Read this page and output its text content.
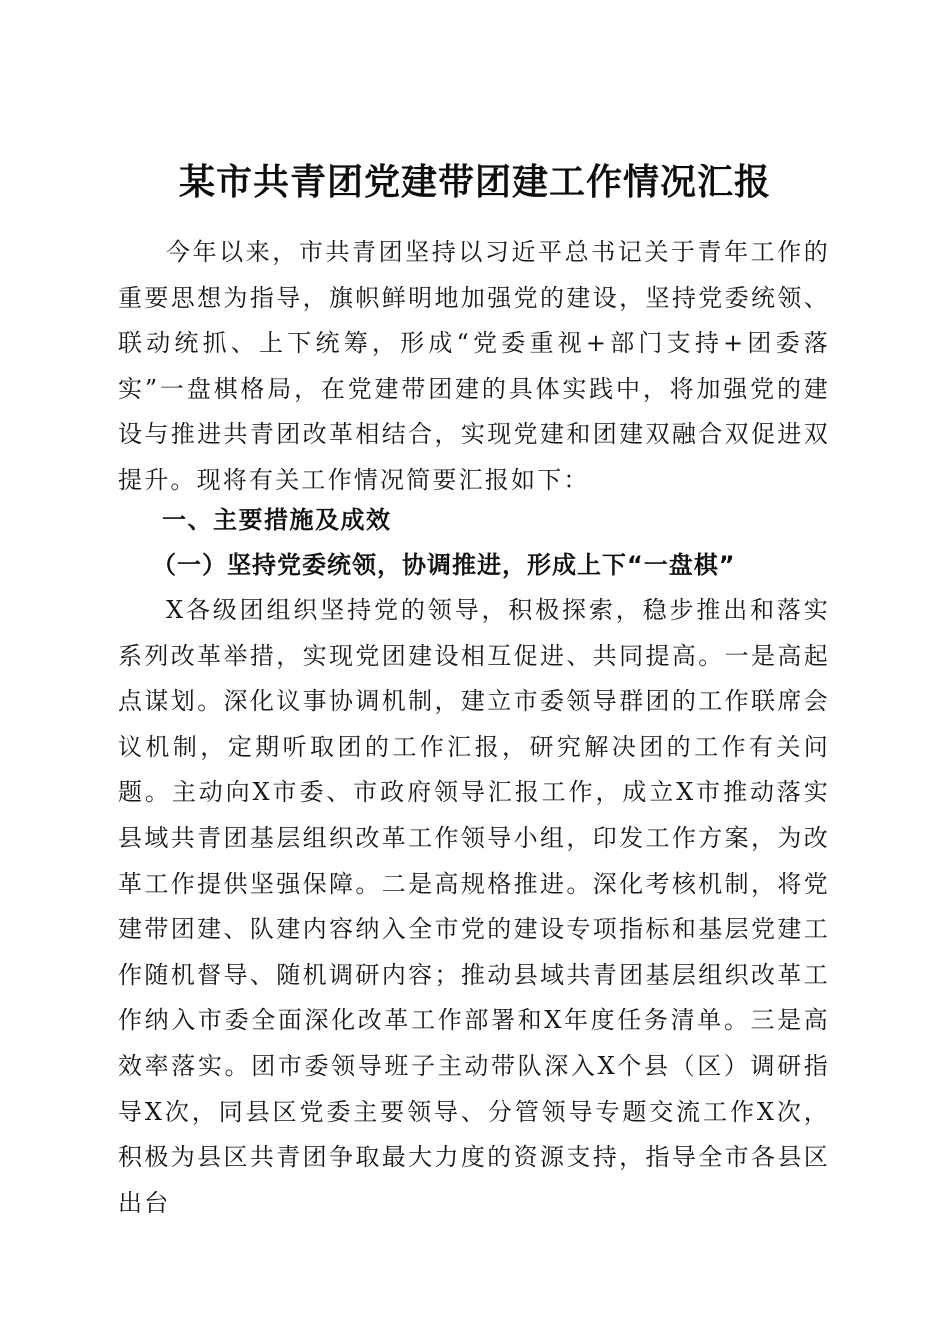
某市共青团党建带团建工作情况汇报

今年以来，市共青团坚持以习近平总书记关于青年工作的重要思想为指导，旗帜鲜明地加强党的建设，坚持党委统领、联动统抓、上下统筹，形成“党委重视+部门支持+团委落实”一盘棋格局，在党建带团建的具体实践中，将加强党的建设与推进共青团改革相结合，实现党建和团建双融合双促进双提升。现将有关工作情况简要汇报如下：

一、主要措施及成效
（一）坚持党委统领，协调推进，形成上下“一盘棋”

X各级团组织坚持党的领导，积极探索，稳步推出和落实系列改革举措，实现党团建设相互促进、共同提高。一是高起点谋划。深化议事协调机制，建立市委领导群团的工作联席会议机制，定期听取团的工作汇报，研究解决团的工作有关问题。主动向X市委、市政府领导汇报工作，成立X市推动落实县域共青团基层组织改革工作领导小组，印发工作方案，为改革工作提供坚强保障。二是高规格推进。深化考核机制，将党建带团建、队建内容纳入全市党的建设专项指标和基层党建工作随机督导、随机调研内容；推动县域共青团基层组织改革工作纳入市委全面深化改革工作部署和X年度任务清单。三是高效率落实。团市委领导班子主动带队深入X个县（区）调研指导X次，同县区党委主要领导、分管领导专题交流工作X次，积极为县区共青团争取最大力度的资源支持，指导全市各县区出台
